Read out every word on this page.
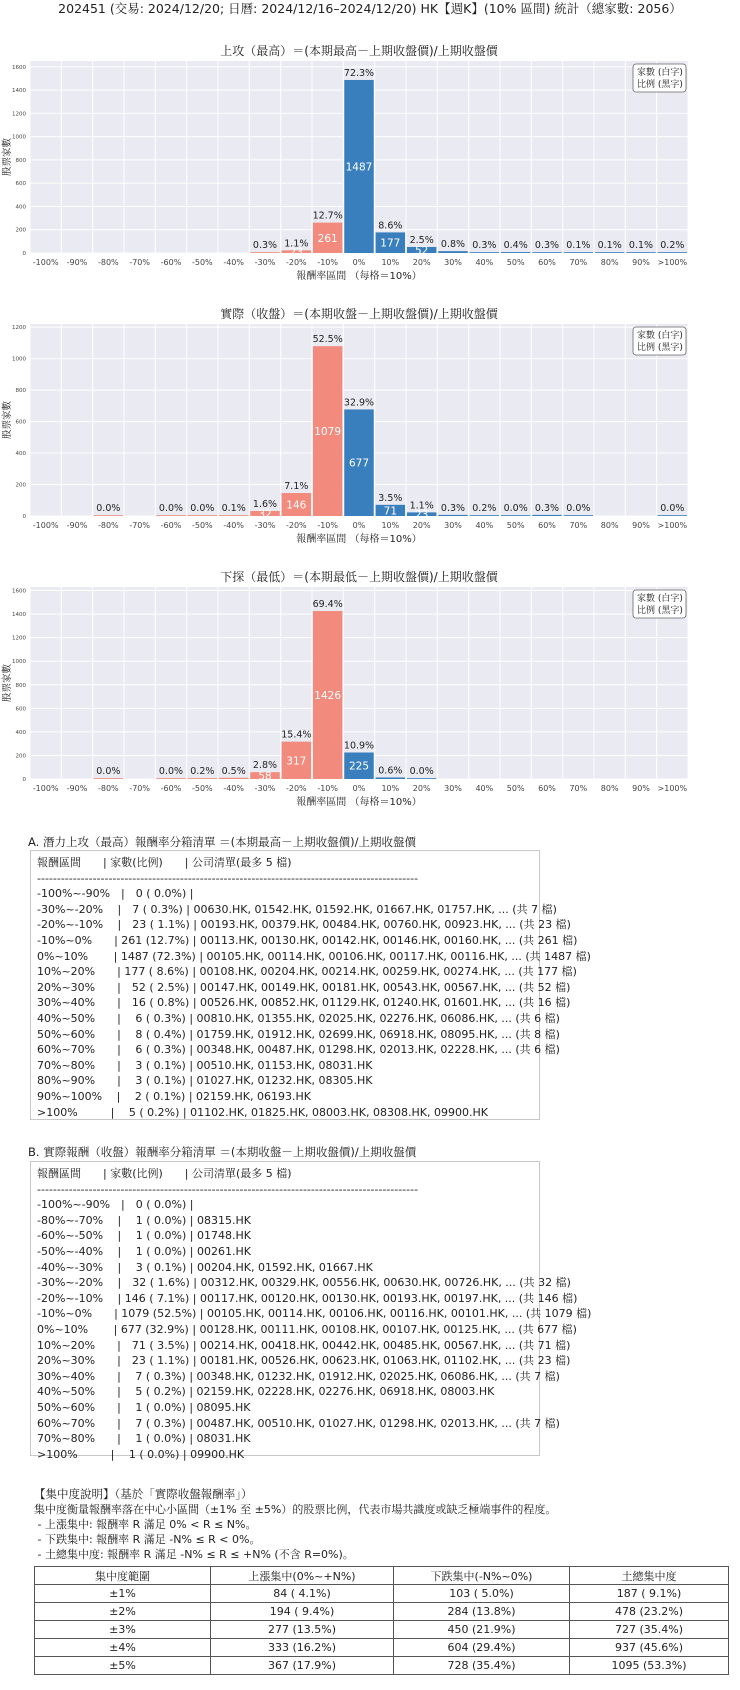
202451 (交易: 2024/12/20; 日曆: 2024/12/16–2024/12/20) HK【週K】(10% 區間) 統計（總家數: 2056）
0
200
400
600
800
1000
1200
1400
1600
上攻（最高）＝(本期最高－上期收盤價)/上期收盤價
股票家數
報酬率區間 （每格＝10%）
-100% -90% -80% -70% -60% -50% -40%
0.3%
-30%
23
1.1%
-20%
261
12.7%
-10%
1487
72.3%
0%
177
8.6%
10%
52
2.5%
20%
0.8%
30%
0.3%
40%
0.4%
50%
0.3%
60%
0.1%
70%
0.1%
80%
0.1%
90%
0.2%
>100%
家數 (白字)
比例 (黑字)
0
200
400
600
800
1000
1200
實際（收盤）＝(本期收盤－上期收盤價)/上期收盤價
股票家數
報酬率區間 （每格＝10%）
-100% -90%
0.0%
-80% -70%
0.0%
-60%
0.0%
-50%
0.1%
-40%
32
1.6%
-30%
146
7.1%
-20%
1079
52.5%
-10%
677
32.9%
0%
71
3.5%
10%
23
1.1%
20%
0.3%
30%
0.2%
40%
0.0%
50%
0.3%
60%
0.0%
70% 80% 90%
0.0%
>100%
家數 (白字)
比例 (黑字)
0
200
400
600
800
1000
1200
1400
1600
下探（最低）＝(本期最低－上期收盤價)/上期收盤價
股票家數
報酬率區間 （每格＝10%）
-100% -90%
0.0%
-80% -70%
0.0%
-60%
0.2%
-50%
0.5%
-40%
58
2.8%
-30%
317
15.4%
-20%
1426
69.4%
-10%
225
10.9%
0%
0.6%
10%
0.0%
20% 30% 40% 50% 60% 70% 80% 90% >100%
家數 (白字)
比例 (黑字)
A. 潛力上攻（最高）報酬率分箱清單 ＝(本期最高－上期收盤價)/上期收盤價
報酬區間　　| 家數(比例)　　| 公司清單(最多 5 檔)
------------------------------------------------------------------------------------------------
-100%~-90%　|　0 ( 0.0%) |
-30%~-20%　 |　7 ( 0.3%) | 00630.HK, 01542.HK, 01592.HK, 01667.HK, 01757.HK, ... (共 7 檔)
-20%~-10%　 |　23 ( 1.1%) | 00193.HK, 00379.HK, 00484.HK, 00760.HK, 00923.HK, ... (共 23 檔)
-10%~0%　　| 261 (12.7%) | 00113.HK, 00130.HK, 00142.HK, 00146.HK, 00160.HK, ... (共 261 檔)
0%~10%　　 | 1487 (72.3%) | 00105.HK, 00114.HK, 00106.HK, 00117.HK, 00116.HK, ... (共 1487 檔)
10%~20%　　| 177 ( 8.6%) | 00108.HK, 00204.HK, 00214.HK, 00259.HK, 00274.HK, ... (共 177 檔)
20%~30%　　|　52 ( 2.5%) | 00147.HK, 00149.HK, 00181.HK, 00543.HK, 00567.HK, ... (共 52 檔)
30%~40%　　|　16 ( 0.8%) | 00526.HK, 00852.HK, 01129.HK, 01240.HK, 01601.HK, ... (共 16 檔)
40%~50%　　|　 6 ( 0.3%) | 00810.HK, 01355.HK, 02025.HK, 02276.HK, 06086.HK, ... (共 6 檔)
50%~60%　　|　 8 ( 0.4%) | 01759.HK, 01912.HK, 02699.HK, 06918.HK, 08095.HK, ... (共 8 檔)
60%~70%　　|　 6 ( 0.3%) | 00348.HK, 00487.HK, 01298.HK, 02013.HK, 02228.HK, ... (共 6 檔)
70%~80%　　|　 3 ( 0.1%) | 00510.HK, 01153.HK, 08031.HK
80%~90%　　|　 3 ( 0.1%) | 01027.HK, 01232.HK, 08305.HK
90%~100%　 |　 2 ( 0.1%) | 02159.HK, 06193.HK
>100%　　　|　 5 ( 0.2%) | 01102.HK, 01825.HK, 08003.HK, 08308.HK, 09900.HK
B. 實際報酬（收盤）報酬率分箱清單 ＝(本期收盤－上期收盤價)/上期收盤價
報酬區間　　| 家數(比例)　　| 公司清單(最多 5 檔)
------------------------------------------------------------------------------------------------
-100%~-90%　|　0 ( 0.0%) |
-80%~-70%　 |　 1 ( 0.0%) | 08315.HK
-60%~-50%　 |　 1 ( 0.0%) | 01748.HK
-50%~-40%　 |　 1 ( 0.0%) | 00261.HK
-40%~-30%　 |　 3 ( 0.1%) | 00204.HK, 01592.HK, 01667.HK
-30%~-20%　 |　32 ( 1.6%) | 00312.HK, 00329.HK, 00556.HK, 00630.HK, 00726.HK, ... (共 32 檔)
-20%~-10%　 | 146 ( 7.1%) | 00117.HK, 00120.HK, 00130.HK, 00193.HK, 00197.HK, ... (共 146 檔)
-10%~0%　　| 1079 (52.5%) | 00105.HK, 00114.HK, 00106.HK, 00116.HK, 00101.HK, ... (共 1079 檔)
0%~10%　　 | 677 (32.9%) | 00128.HK, 00111.HK, 00108.HK, 00107.HK, 00125.HK, ... (共 677 檔)
10%~20%　　|　71 ( 3.5%) | 00214.HK, 00418.HK, 00442.HK, 00485.HK, 00567.HK, ... (共 71 檔)
20%~30%　　|　23 ( 1.1%) | 00181.HK, 00526.HK, 00623.HK, 01063.HK, 01102.HK, ... (共 23 檔)
30%~40%　　|　 7 ( 0.3%) | 00348.HK, 01232.HK, 01912.HK, 02025.HK, 06086.HK, ... (共 7 檔)
40%~50%　　|　 5 ( 0.2%) | 02159.HK, 02228.HK, 02276.HK, 06918.HK, 08003.HK
50%~60%　　|　 1 ( 0.0%) | 08095.HK
60%~70%　　|　 7 ( 0.3%) | 00487.HK, 00510.HK, 01027.HK, 01298.HK, 02013.HK, ... (共 7 檔)
70%~80%　　|　 1 ( 0.0%) | 08031.HK
>100%　　　|　 1 ( 0.0%) | 09900.HK
【集中度說明】（基於「實際收盤報酬率」）
集中度衡量報酬率落在中心小區間（±1% 至 ±5%）的股票比例，代表市場共識度或缺乏極端事件的程度。
- 上漲集中: 報酬率 R 滿足 0% < R ≤ N%。
- 下跌集中: 報酬率 R 滿足 -N% ≤ R < 0%。
- 土總集中度: 報酬率 R 滿足 -N% ≤ R ≤ +N% (不含 R=0%)。
集中度範圍	上漲集中(0%~+N%)	下跌集中(-N%~0%)	土總集中度
±1%	84 ( 4.1%)	103 ( 5.0%)	187 ( 9.1%)
±2%	194 ( 9.4%)	284 (13.8%)	478 (23.2%)
±3%	277 (13.5%)	450 (21.9%)	727 (35.4%)
±4%	333 (16.2%)	604 (29.4%)	937 (45.6%)
±5%	367 (17.9%)	728 (35.4%)	1095 (53.3%)
